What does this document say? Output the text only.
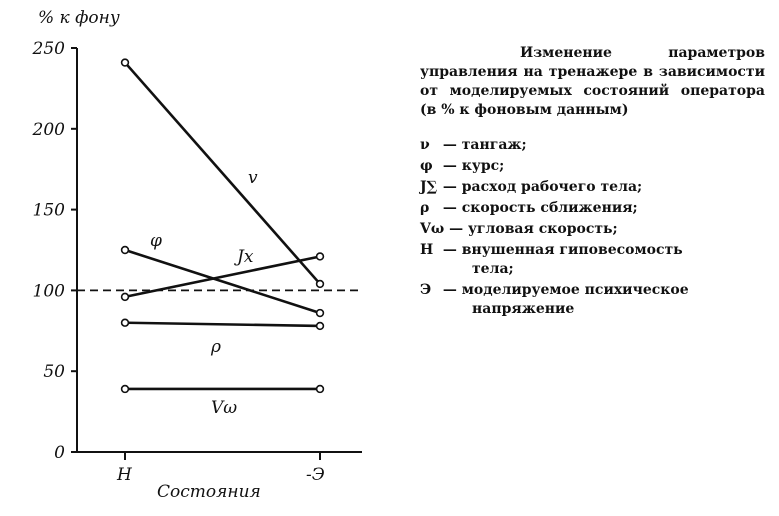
% к фону
Состояния
0
50
100
150
200
250
Н	-Э
v
φ
Jx
ρ
Vω

Изменение параметров управления на тренажере в зависимости от моделируемых состояний оператора (в % к фоновым данным)

ν — тангаж;
φ — курс;
J∑ — расход рабочего тела;
ρ — скорость сближения;
Vω — угловая скорость;
Н — внушенная гиповесомость
тела;
Э — моделируемое психическое
напряжение
